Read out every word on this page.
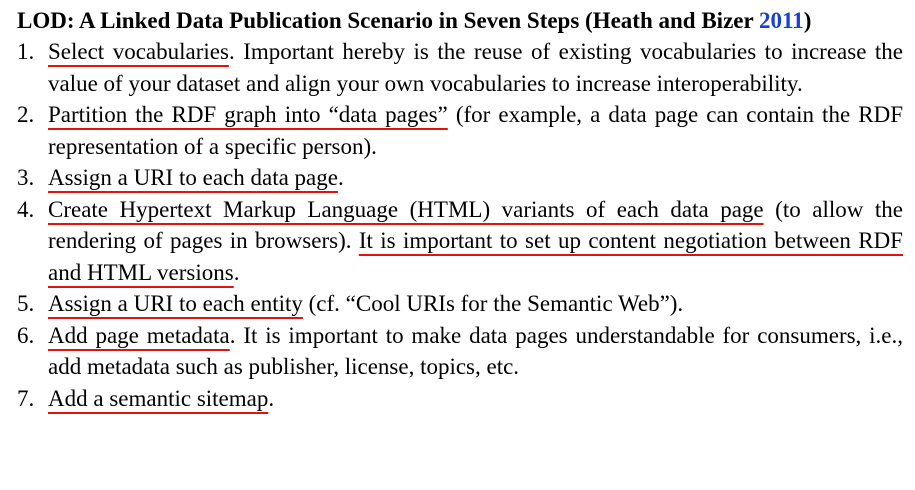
LOD: A Linked Data Publication Scenario in Seven Steps (Heath and Bizer 2011)

1. Select vocabularies. Important hereby is the reuse of existing vocabularies to increase the value of your dataset and align your own vocabularies to increase interoperability.
2. Partition the RDF graph into “data pages” (for example, a data page can contain the RDF representation of a specific person).
3. Assign a URI to each data page.
4. Create Hypertext Markup Language (HTML) variants of each data page (to allow the rendering of pages in browsers). It is important to set up content negotiation between RDF and HTML versions.
5. Assign a URI to each entity (cf. “Cool URIs for the Semantic Web”).
6. Add page metadata. It is important to make data pages understandable for consumers, i.e., add metadata such as publisher, license, topics, etc.
7. Add a semantic sitemap.
